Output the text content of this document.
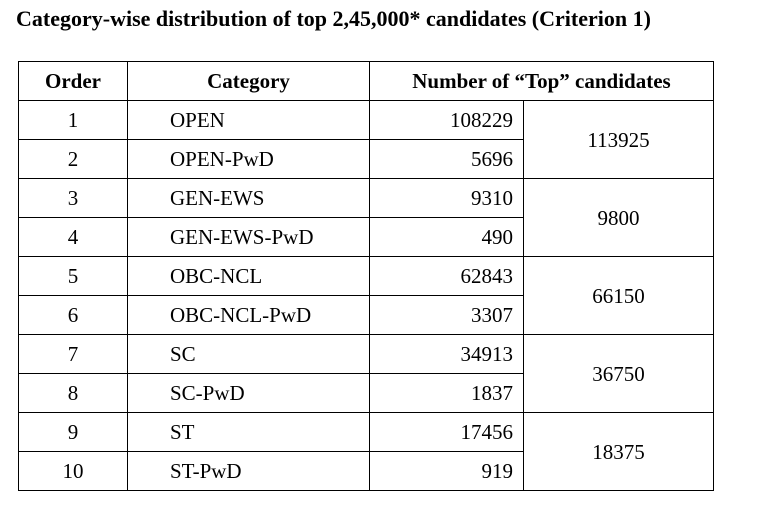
Category-wise distribution of top 2,45,000* candidates (Criterion 1)
Order	Category	Number of “Top” candidates	
1	OPEN	108229	113925
2	OPEN-PwD	5696	
3	GEN-EWS	9310	9800
4	GEN-EWS-PwD	490	
5	OBC-NCL	62843	66150
6	OBC-NCL-PwD	3307	
7	SC	34913	36750
8	SC-PwD	1837	
9	ST	17456	18375
10	ST-PwD	919	
